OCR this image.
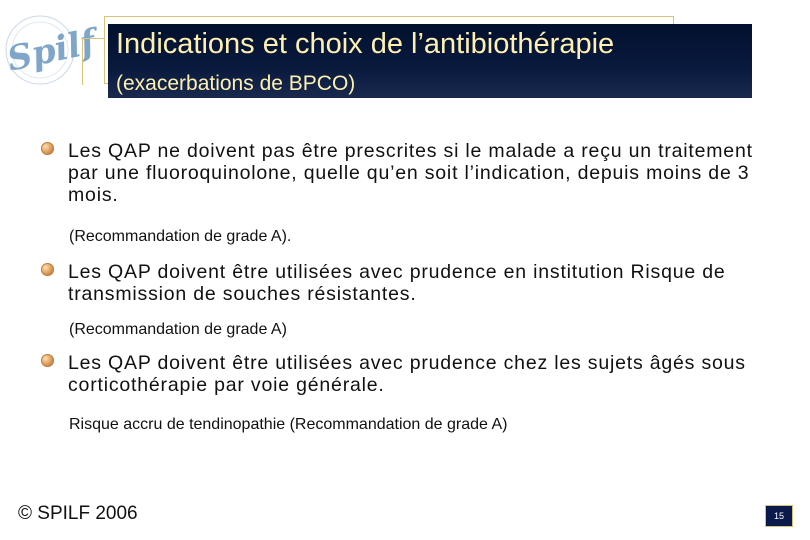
Spilf Indications et choix de l’antibiothérapie
(exacerbations de BPCO)
Les QAP ne doivent pas être prescrites si le malade a reçu un traitement par une fluoroquinolone, quelle qu’en soit l’indication, depuis moins de 3 mois.
(Recommandation de grade A).
Les QAP doivent être utilisées avec prudence en institution Risque de transmission de souches résistantes.
(Recommandation de grade A)
Les QAP doivent être utilisées avec prudence chez les sujets âgés sous corticothérapie par voie générale.
Risque accru de tendinopathie (Recommandation de grade A)
© SPILF 2006	15
